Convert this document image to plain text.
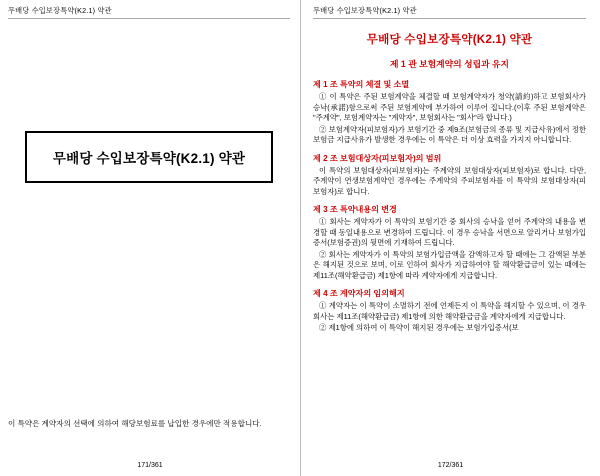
무배당 수입보장특약(K2.1) 약관
무배당 수입보장특약(K2.1) 약관
이 특약은 계약자의 선택에 의하여 해당보험료를 납입한 경우에만 적용합니다.
171/361
무배당 수입보장특약(K2.1) 약관
무배당 수입보장특약(K2.1) 약관
제 1 관 보험계약의 성립과 유지
제 1 조 특약의 체결 및 소멸

① 이 특약은 주된 보험계약을 체결할 때 보험계약자가 청약(請約)하고 보험회사가 승낙(承諾)함으로써 주된 보험계약에 부가하여 이루어 집니다.(이후 주된 보험계약은 "주계약", 보험계약자는 "계약자", 보험회사는 "회사"라 합니다.)

② 보험계약자(피보험자)가 보험기간 중 제9조(보험금의 종류 및 지급사유)에서 정한 보험금 지급사유가 발생한 경우에는 이 특약은 더 이상 효력을 가지지 아니합니다.

제 2 조 보험대상자(피보험자)의 범위

이 특약의 보험대상자(피보험자)는 주계약의 보험대상자(피보험자)로 합니다. 다만, 주계약이 연생보험계약인 경우에는 주계약의 주피보험자를 이 특약의 보험대상자(피보험자)로 합니다.

제 3 조 특약내용의 변경

① 회사는 계약자가 이 특약의 보험기간 중 회사의 승낙을 얻어 주계약의 내용을 변경할 때 동일내용으로 변경하여 드립니다. 이 경우 승낙을 서면으로 알리거나 보험가입증서(보험증권)의 뒷면에 기재하여 드립니다.

② 회사는 계약자가 이 특약의 보험가입금액을 감액하고자 할 때에는 그 감액된 부분은 해지된 것으로 보며, 이로 인하여 회사가 지급하여야 할 해약환급금이 있는 때에는 제11조(해약환급금) 제1항에 따라 계약자에게 지급합니다.

제 4 조 계약자의 임의해지

① 계약자는 이 특약이 소멸하기 전에 언제든지 이 특약을 해지할 수 있으며, 이 경우 회사는 제11조(해약환급금) 제1항에 의한 해약환급금을 계약자에게 지급합니다.

② 제1항에 의하여 이 특약이 해지된 경우에는 보험가입증서(보

172/361
